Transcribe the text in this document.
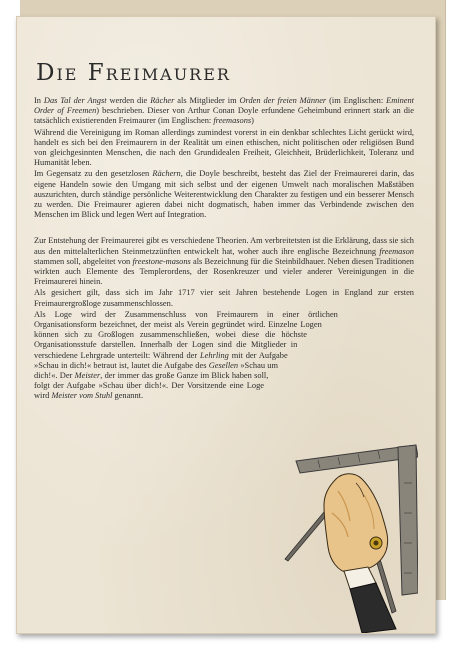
Die Freimaurer

In Das Tal der Angst werden die Rächer als Mitglieder im Orden der freien Männer (im Englischen: Eminent Order of Freemen) beschrieben. Dieser von Arthur Conan Doyle erfundene Geheimbund erinnert stark an die tatsächlich existierenden Freimaurer (im Englischen: freemasons)

Während die Vereinigung im Roman allerdings zumindest vorerst in ein denkbar schlechtes Licht gerückt wird, handelt es sich bei den Freimaurern in der Realität um einen ethischen, nicht politischen oder religiösen Bund von gleichgesinnten Menschen, die nach den Grundidealen Freiheit, Gleichheit, Brüderlichkeit, Toleranz und Humanität leben.

Im Gegensatz zu den gesetzlosen Rächern, die Doyle beschreibt, besteht das Ziel der Freimaurerei darin, das eigene Handeln sowie den Umgang mit sich selbst und der eigenen Umwelt nach moralischen Maßstäben auszurichten, durch ständige persönliche Weiterentwicklung den Charakter zu festigen und ein besserer Mensch zu werden. Die Freimaurer agieren dabei nicht dogmatisch, haben immer das Verbindende zwischen den Menschen im Blick und legen Wert auf Integration.

Zur Entstehung der Freimaurerei gibt es verschiedene Theorien. Am verbreitetsten ist die Erklärung, dass sie sich aus den mittelalterlichen Steinmetzzünften entwickelt hat, woher auch ihre englische Bezeichnung freemason stammen soll, abgeleitet von freestone-masons als Bezeichnung für die Steinbildhauer. Neben diesen Traditionen wirkten auch Elemente des Templerordens, der Rosenkreuzer und vieler anderer Vereinigungen in die Freimaurerei hinein.

Als gesichert gilt, dass sich im Jahr 1717 vier seit Jahren bestehende Logen in England zur ersten Freimaurergroßloge zusammenschlossen.

Als Loge wird der Zusammenschluss von Freimaurern in einer örtlichen Organisationsform bezeichnet, der meist als Verein gegründet wird. Einzelne Logen können sich zu Großlogen zusammenschließen, wobei diese die höchste Organisationsstufe darstellen. Innerhalb der Logen sind die Mitglieder in verschiedene Lehrgrade unterteilt: Während der Lehrling mit der Aufgabe »Schau in dich!« betraut ist, lautet die Aufgabe des Gesellen »Schau um dich!«. Der Meister, der immer das große Ganze im Blick haben soll, folgt der Aufgabe »Schau über dich!«. Der Vorsitzende eine Loge wird Meister vom Stuhl genannt.
